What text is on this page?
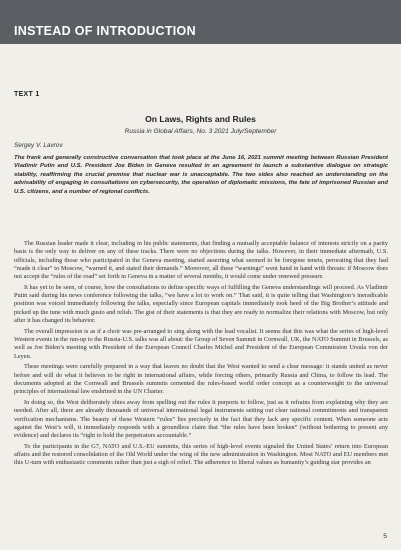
INSTEAD OF INTRODUCTION
TEXT 1
On Laws, Rights and Rules
Russia in Global Affairs, No. 3 2021 July/September
Sergey V. Lavrov

The frank and generally constructive conversation that took place at the June 16, 2021 summit meeting between Russian President Vladimir Putin and U.S. President Joe Biden in Geneva resulted in an agreement to launch a substantive dialogue on strategic stability, reaffirming the crucial premise that nuclear war is unacceptable. The two sides also reached an understanding on the advisability of engaging in consultations on cybersecurity, the operation of diplomatic missions, the fate of imprisoned Russian and U.S. citizens, and a number of regional conflicts.

The Russian leader made it clear, including in his public statements, that finding a mutually acceptable balance of interests strictly on a parity basis is the only way to deliver on any of these tracks. There were no objections during the talks. However, in their immediate aftermath, U.S. officials, including those who participated in the Geneva meeting, started asserting what seemed to be foregone tenets, perorating that they had “made it clear” to Moscow, “warned it, and stated their demands.” Moreover, all these “warnings” went hand in hand with threats: if Moscow does not accept the “rules of the road” set forth in Geneva in a matter of several months, it would come under renewed pressure.

It has yet to be seen, of course, how the consultations to define specific ways of fulfilling the Geneva understandings will proceed. As Vladimir Putin said during his news conference following the talks, “we have a lot to work on.” That said, it is quite telling that Washington’s ineradicable position was voiced immediately following the talks, especially since European capitals immediately took heed of the Big Brother’s attitude and picked up the tune with much gusto and relish. The gist of their statements is that they are ready to normalize their relations with Moscow, but only after it has changed its behavior.

The overall impression is as if a choir was pre-arranged to sing along with the lead vocalist. It seems that this was what the series of high-level Western events in the run-up to the Russia-U.S. talks was all about: the Group of Seven Summit in Cornwall, UK, the NATO Summit in Brussels, as well as Joe Biden’s meeting with President of the European Council Charles Michel and President of the European Commission Ursula von der Leyen.

These meetings were carefully prepared in a way that leaves no doubt that the West wanted to send a clear message: it stands united as never before and will do what it believes to be right in international affairs, while forcing others, primarily Russia and China, to follow its lead. The documents adopted at the Cornwall and Brussels summits cemented the rules-based world order concept as a counterweight to the universal principles of international law enshrined in the UN Charter.

In doing so, the West deliberately shies away from spelling out the rules it purports to follow, just as it refrains from explaining why they are needed. After all, there are already thousands of universal international legal instruments setting out clear national commitments and transparent verification mechanisms. The beauty of these Western “rules” lies precisely in the fact that they lack any specific content. When someone acts against the West’s will, it immediately responds with a groundless claim that “the rules have been broken” (without bothering to present any evidence) and declares its “right to hold the perpetrators accountable.”

To the participants in the G7, NATO and U.S.-EU summits, this series of high-level events signaled the United States’ return into European affairs and the restored consolidation of the Old World under the wing of the new administration in Washington. Most NATO and EU members met this U-turn with enthusiastic comments rather than just a sigh of relief. The adherence to liberal values as humanity’s guiding star provides an

5
